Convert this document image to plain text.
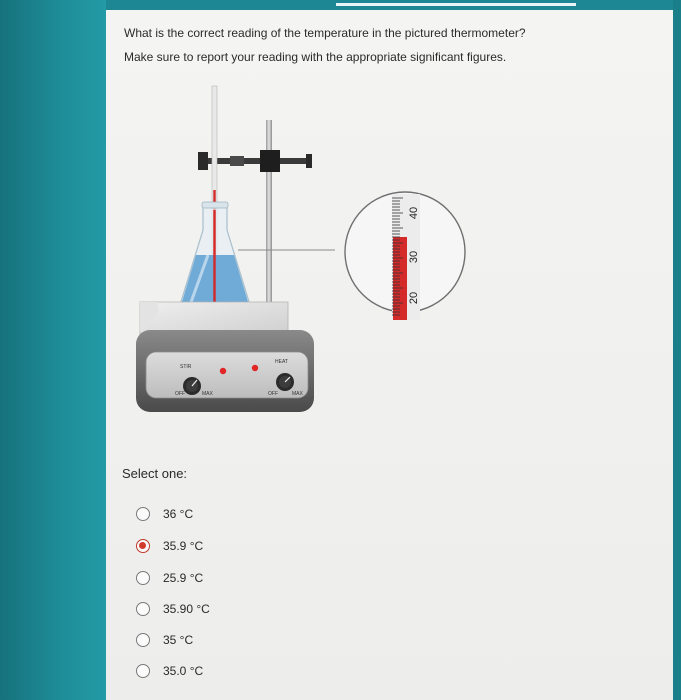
What is the correct reading of the temperature in the pictured thermometer?
Make sure to report your reading with the appropriate significant figures.
40
30
20
STIR
HEAT
OFF	MAX	OFF	MAX
Select one:
36 °C
35.9 °C
25.9 °C
35.90 °C
35 °C
35.0 °C
